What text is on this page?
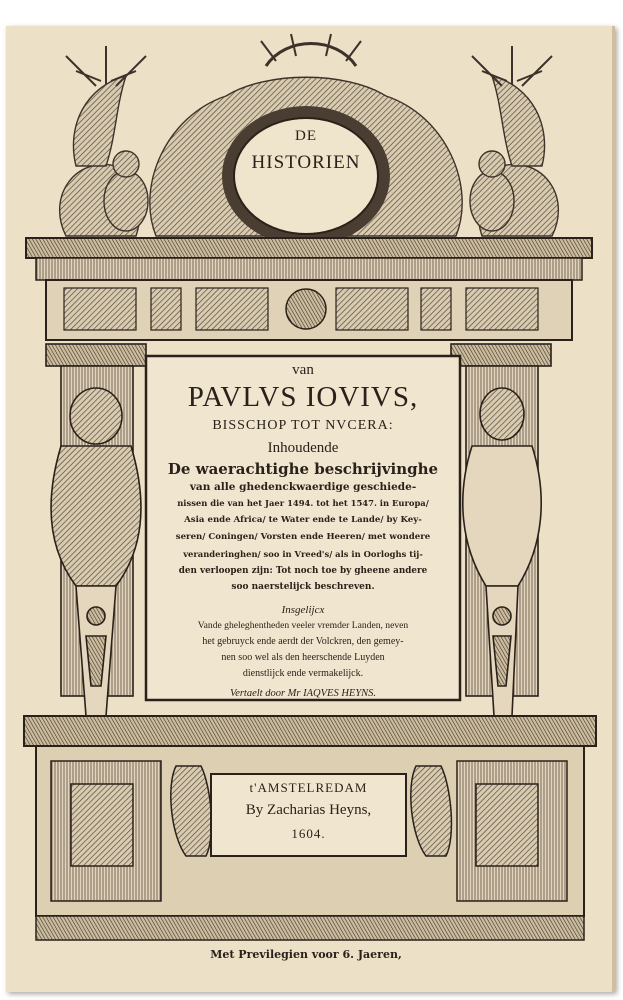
DE
HISTORIEN
van
PAVLVS IOVIVS,
BISSCHOP TOT NVCERA:
Inhoudende
De waerachtighe beschrijvinghe
van alle ghedenckwaerdige geschiede-
nissen die van het Jaer 1494. tot het 1547. in Europa/
Asia ende Africa/ te Water ende te Lande/ by Key-
seren/ Coningen/ Vorsten ende Heeren/ met wondere
veranderinghen/ soo in Vreed's/ als in Oorloghs tij-
den verloopen zijn: Tot noch toe by gheene andere
soo naerstelijck beschreven.
Insgelijcx
Vande gheleghentheden veeler vremder Landen, neven
het gebruyck ende aerdt der Volckren, den gemey-
nen soo wel als den heerschende Luyden
dienstlijck ende vermakelijck.
Vertaelt door Mr IAQVES HEYNS.
t'AMSTELREDAM
By Zacharias Heyns,
1604.
Met Previlegien voor 6. Jaeren,
